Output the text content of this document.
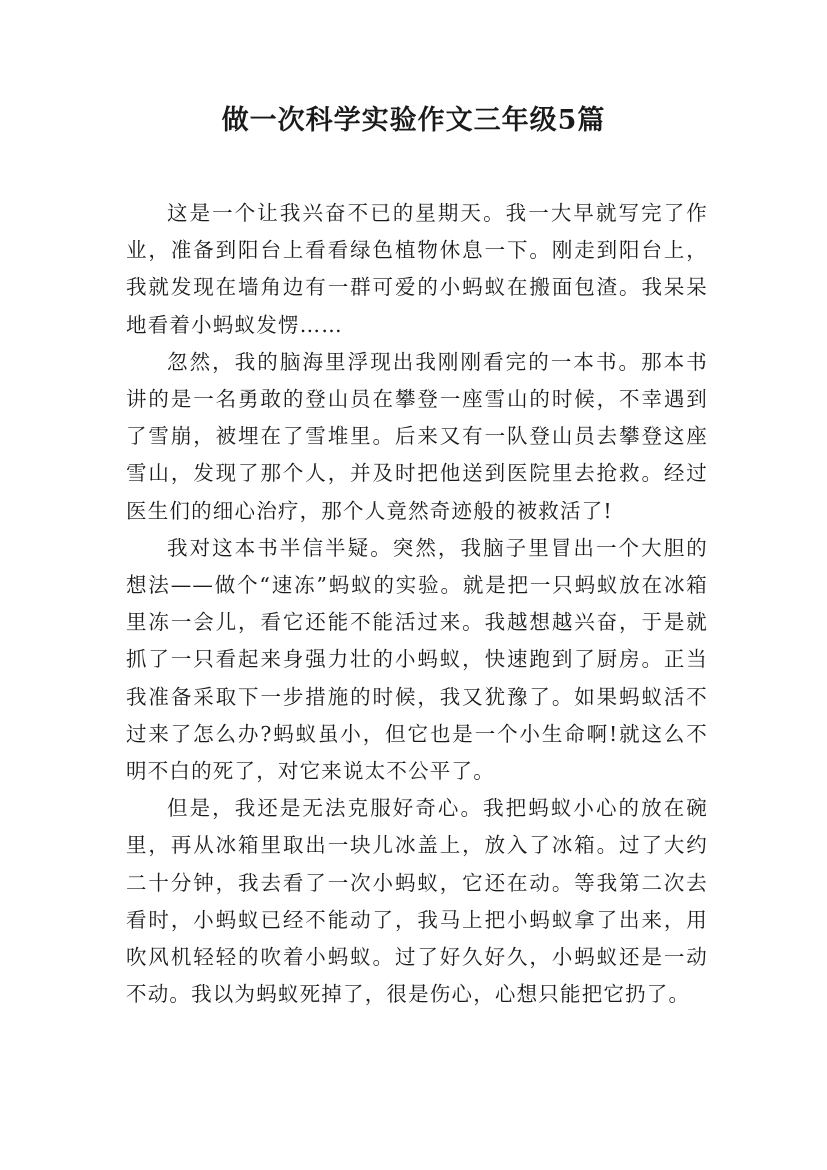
做一次科学实验作文三年级5篇

这是一个让我兴奋不已的星期天。我一大早就写完了作业，准备到阳台上看看绿色植物休息一下。刚走到阳台上，我就发现在墙角边有一群可爱的小蚂蚁在搬面包渣。我呆呆地看着小蚂蚁发愣……

忽然，我的脑海里浮现出我刚刚看完的一本书。那本书讲的是一名勇敢的登山员在攀登一座雪山的时候，不幸遇到了雪崩，被埋在了雪堆里。后来又有一队登山员去攀登这座雪山，发现了那个人，并及时把他送到医院里去抢救。经过医生们的细心治疗，那个人竟然奇迹般的被救活了!

我对这本书半信半疑。突然，我脑子里冒出一个大胆的想法——做个“速冻”蚂蚁的实验。就是把一只蚂蚁放在冰箱里冻一会儿，看它还能不能活过来。我越想越兴奋，于是就抓了一只看起来身强力壮的小蚂蚁，快速跑到了厨房。正当我准备采取下一步措施的时候，我又犹豫了。如果蚂蚁活不过来了怎么办?蚂蚁虽小，但它也是一个小生命啊!就这么不明不白的死了，对它来说太不公平了。

但是，我还是无法克服好奇心。我把蚂蚁小心的放在碗里，再从冰箱里取出一块儿冰盖上，放入了冰箱。过了大约二十分钟，我去看了一次小蚂蚁，它还在动。等我第二次去看时，小蚂蚁已经不能动了，我马上把小蚂蚁拿了出来，用吹风机轻轻的吹着小蚂蚁。过了好久好久，小蚂蚁还是一动不动。我以为蚂蚁死掉了，很是伤心，心想只能把它扔了。
